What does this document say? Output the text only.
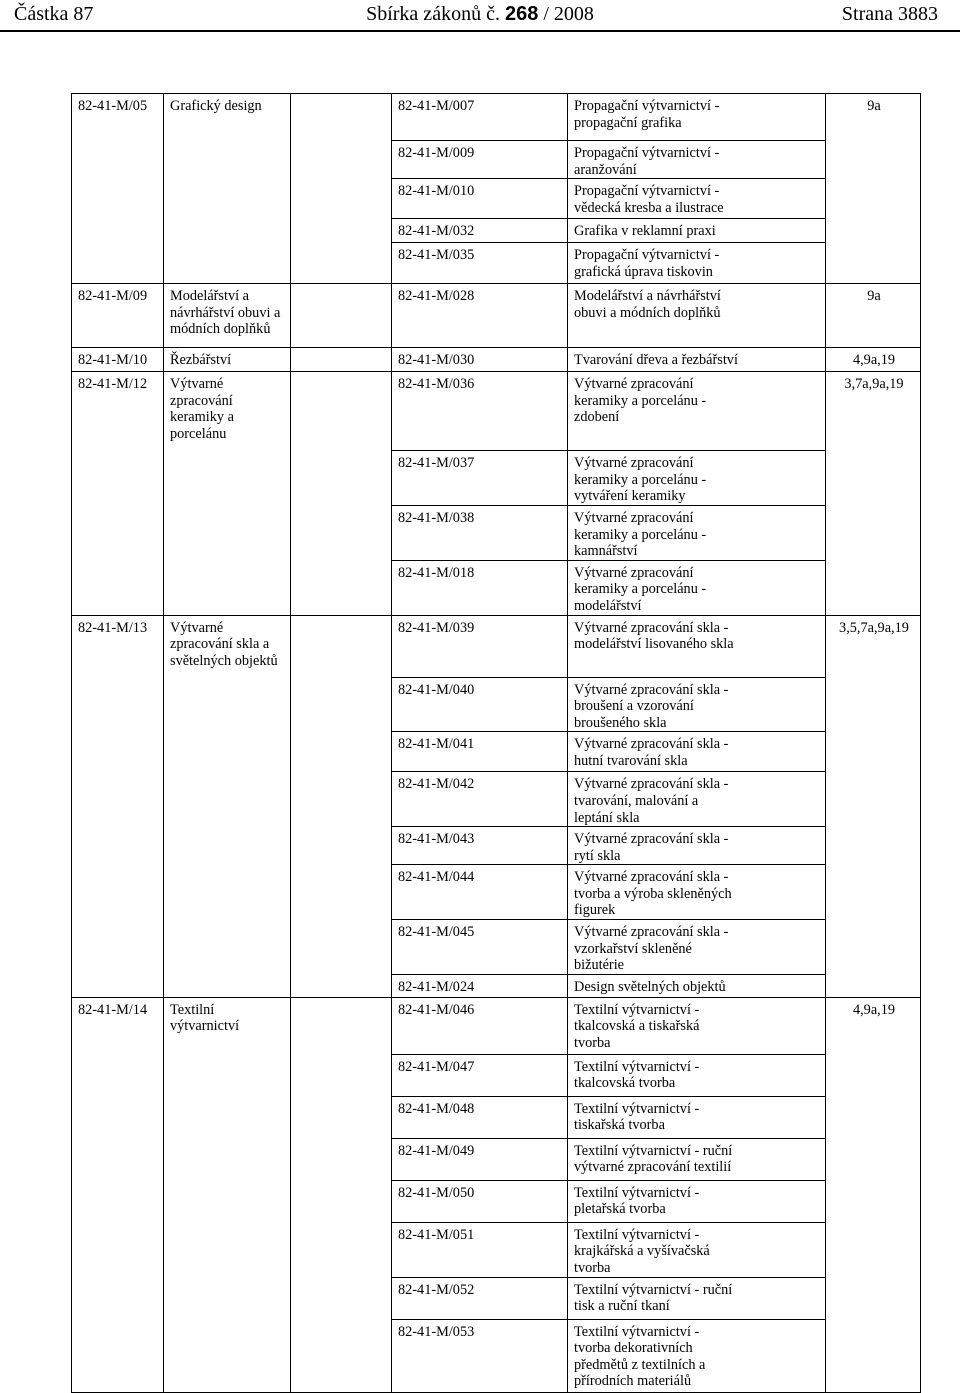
Částka 87	Sbírka zákonů č. 268 / 2008	Strana 3883
82-41-M/05	Grafický design		82-41-M/007	Propagační výtvarnictví -
propagační grafika	9a
			82-41-M/009	Propagační výtvarnictví -
aranžování	
			82-41-M/010	Propagační výtvarnictví -
vědecká kresba a ilustrace	
			82-41-M/032	Grafika v reklamní praxi	
			82-41-M/035	Propagační výtvarnictví -
grafická úprava tiskovin	
82-41-M/09	Modelářství a
návrhářství obuvi a
módních doplňků		82-41-M/028	Modelářství a návrhářství
obuvi a módních doplňků	9a
82-41-M/10	Řezbářství		82-41-M/030	Tvarování dřeva a řezbářství	4,9a,19
82-41-M/12	Výtvarné
zpracování
keramiky a
porcelánu		82-41-M/036	Výtvarné zpracování
keramiky a porcelánu -
zdobení	3,7a,9a,19
			82-41-M/037	Výtvarné zpracování
keramiky a porcelánu -
vytváření keramiky	
			82-41-M/038	Výtvarné zpracování
keramiky a porcelánu -
kamnářství	
			82-41-M/018	Výtvarné zpracování
keramiky a porcelánu -
modelářství	
82-41-M/13	Výtvarné
zpracování skla a
světelných objektů		82-41-M/039	Výtvarné zpracování skla -
modelářství lisovaného skla	3,5,7a,9a,19
			82-41-M/040	Výtvarné zpracování skla -
broušení a vzorování
broušeného skla	
			82-41-M/041	Výtvarné zpracování skla -
hutní tvarování skla	
			82-41-M/042	Výtvarné zpracování skla -
tvarování, malování a
leptání skla	
			82-41-M/043	Výtvarné zpracování skla -
rytí skla	
			82-41-M/044	Výtvarné zpracování skla -
tvorba a výroba skleněných
figurek	
			82-41-M/045	Výtvarné zpracování skla -
vzorkařství skleněné
bižutérie	
			82-41-M/024	Design světelných objektů	
82-41-M/14	Textilní
výtvarnictví		82-41-M/046	Textilní výtvarnictví -
tkalcovská a tiskařská
tvorba	4,9a,19
			82-41-M/047	Textilní výtvarnictví -
tkalcovská tvorba	
			82-41-M/048	Textilní výtvarnictví -
tiskařská tvorba	
			82-41-M/049	Textilní výtvarnictví - ruční
výtvarné zpracování textilií	
			82-41-M/050	Textilní výtvarnictví -
pletařská tvorba	
			82-41-M/051	Textilní výtvarnictví -
krajkářská a vyšívačská
tvorba	
			82-41-M/052	Textilní výtvarnictví - ruční
tisk a ruční tkaní	
			82-41-M/053	Textilní výtvarnictví -
tvorba dekorativních
předmětů z textilních a
přírodních materiálů	
